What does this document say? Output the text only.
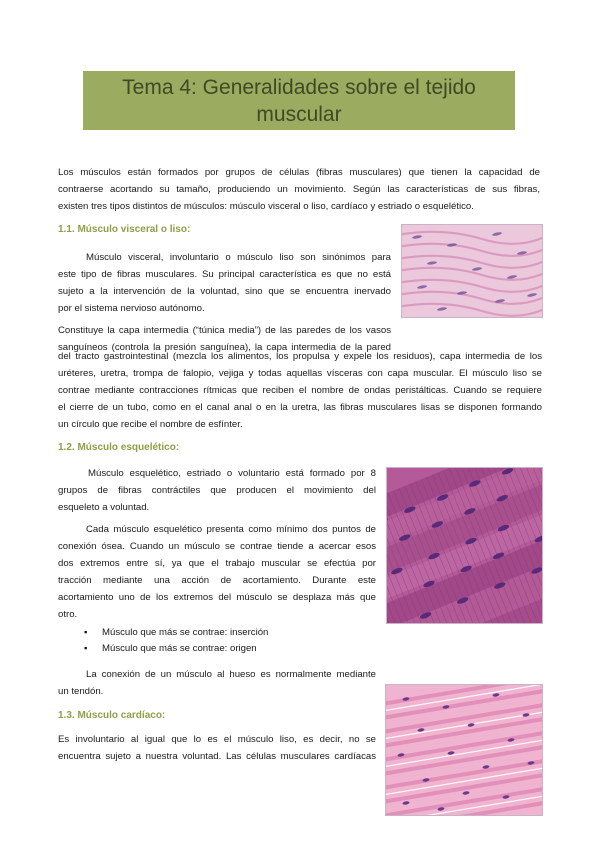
Tema 4: Generalidades sobre el tejido
muscular
Los músculos están formados por grupos de células (fibras musculares) que tienen la capacidad de
contraerse acortando su tamaño, produciendo un movimiento. Según las características de sus fibras,
existen tres tipos distintos de músculos: músculo visceral o liso, cardíaco y estriado o esquelético.
1.1. Músculo visceral o liso:
Músculo visceral, involuntario o músculo liso son sinónimos para
este tipo de fibras musculares. Su principal característica es que no está
sujeto a la intervención de la voluntad, sino que se encuentra inervado
por el sistema nervioso autónomo.
Constituye la capa intermedia (“túnica media”) de las paredes de los vasos
sanguíneos (controla la presión sanguínea), la capa intermedia de la pared
del tracto gastrointestinal (mezcla los alimentos, los propulsa y expele los residuos), capa intermedia de los
uréteres, uretra, trompa de falopio, vejiga y todas aquellas vísceras con capa muscular. El músculo liso se
contrae mediante contracciones rítmicas que reciben el nombre de ondas peristálticas. Cuando se requiere
el cierre de un tubo, como en el canal anal o en la uretra, las fibras musculares lisas se disponen formando
un círculo que recibe el nombre de esfínter.
1.2. Músculo esquelético:
Músculo esquelético, estriado o voluntario está formado por 8
grupos de fibras contráctiles que producen el movimiento del
esqueleto a voluntad.
Cada músculo esquelético presenta como mínimo dos puntos de
conexión ósea. Cuando un músculo se contrae tiende a acercar esos
dos extremos entre sí, ya que el trabajo muscular se efectúa por
tracción mediante una acción de acortamiento. Durante este
acortamiento uno de los extremos del músculo se desplaza más que
otro.
▪ Músculo que más se contrae: inserción
▪ Músculo que más se contrae: origen
La conexión de un músculo al hueso es normalmente mediante
un tendón.
1.3. Músculo cardíaco:
Es involuntario al igual que lo es el músculo liso, es decir, no se
encuentra sujeto a nuestra voluntad. Las células musculares cardíacas
